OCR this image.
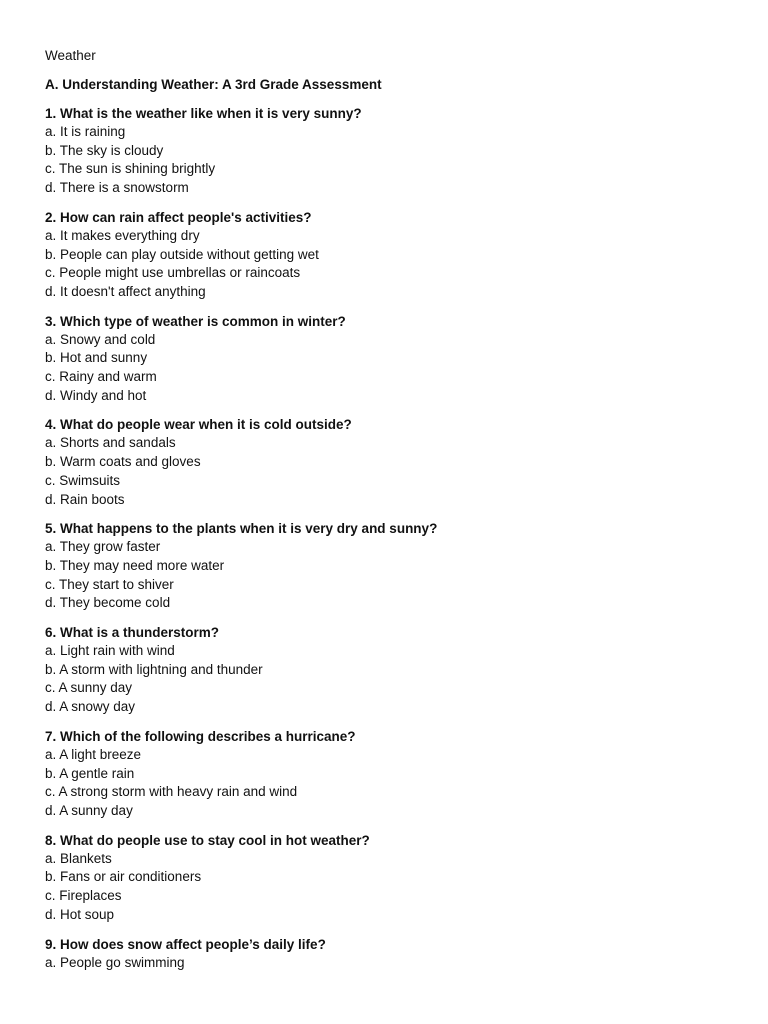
Weather
A. Understanding Weather: A 3rd Grade Assessment

1. What is the weather like when it is very sunny?

a. It is raining
b. The sky is cloudy
c. The sun is shining brightly
d. There is a snowstorm

2. How can rain affect people's activities?

a. It makes everything dry
b. People can play outside without getting wet
c. People might use umbrellas or raincoats
d. It doesn't affect anything

3. Which type of weather is common in winter?

a. Snowy and cold
b. Hot and sunny
c. Rainy and warm
d. Windy and hot

4. What do people wear when it is cold outside?

a. Shorts and sandals
b. Warm coats and gloves
c. Swimsuits
d. Rain boots

5. What happens to the plants when it is very dry and sunny?

a. They grow faster
b. They may need more water
c. They start to shiver
d. They become cold

6. What is a thunderstorm?

a. Light rain with wind
b. A storm with lightning and thunder
c. A sunny day
d. A snowy day

7. Which of the following describes a hurricane?

a. A light breeze
b. A gentle rain
c. A strong storm with heavy rain and wind
d. A sunny day

8. What do people use to stay cool in hot weather?

a. Blankets
b. Fans or air conditioners
c. Fireplaces
d. Hot soup

9. How does snow affect people’s daily life?

a. People go swimming
